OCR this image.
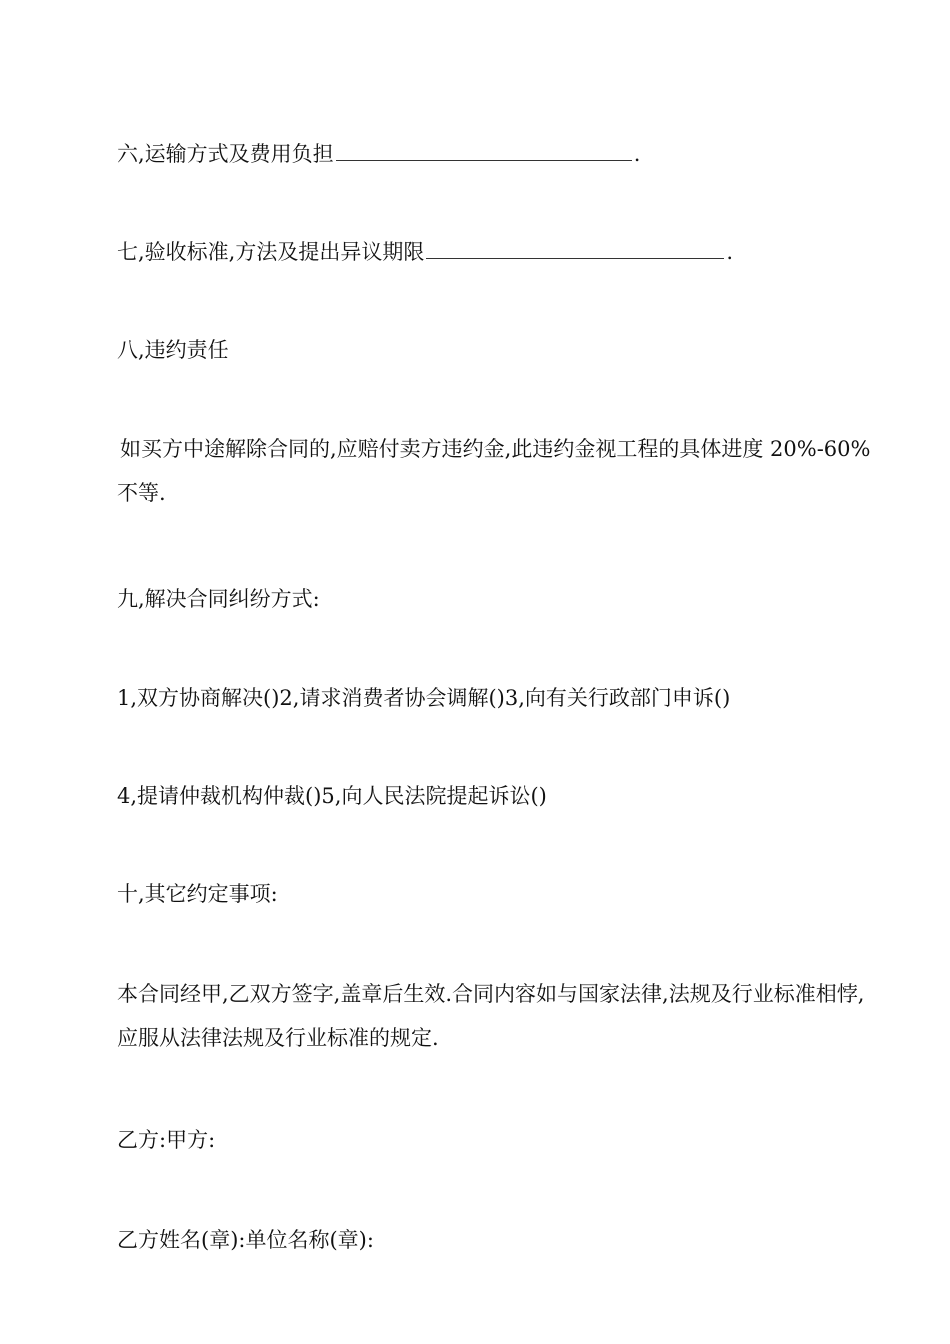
六,运输方式及费用负担	.
七,验收标准,方法及提出异议期限	.
八,违约责任
如买方中途解除合同的,应赔付卖方违约金,此违约金视工程的具体进度 20%-60%不等.
九,解决合同纠纷方式:
1,双方协商解决()2,请求消费者协会调解()3,向有关行政部门申诉()
4,提请仲裁机构仲裁()5,向人民法院提起诉讼()
十,其它约定事项:
本合同经甲,乙双方签字,盖章后生效.合同内容如与国家法律,法规及行业标准相悖,应服从法律法规及行业标准的规定.
乙方:甲方:
乙方姓名(章):单位名称(章):
